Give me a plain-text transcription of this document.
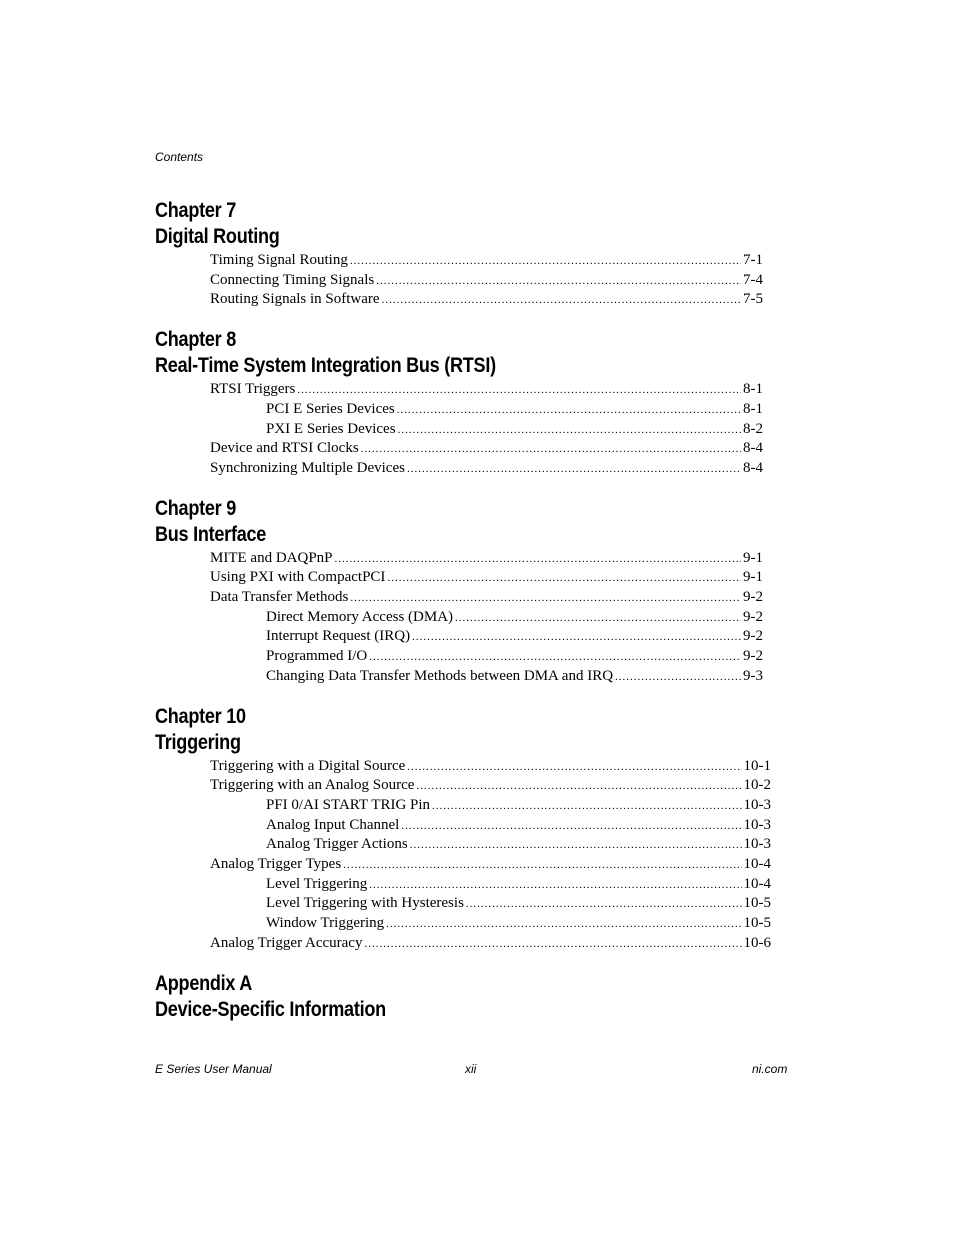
Contents
Chapter 7
Digital Routing
Timing Signal Routing .....	7-1
Connecting Timing Signals .....	7-4
Routing Signals in Software .....	7-5
Chapter 8
Real-Time System Integration Bus (RTSI)
RTSI Triggers .....	8-1
PCI E Series Devices .....	8-1
PXI E Series Devices .....	8-2
Device and RTSI Clocks .....	8-4
Synchronizing Multiple Devices .....	8-4
Chapter 9
Bus Interface
MITE and DAQPnP .....	9-1
Using PXI with CompactPCI .....	9-1
Data Transfer Methods .....	9-2
Direct Memory Access (DMA) .....	9-2
Interrupt Request (IRQ) .....	9-2
Programmed I/O .....	9-2
Changing Data Transfer Methods between DMA and IRQ .....	9-3
Chapter 10
Triggering
Triggering with a Digital Source .....	10-1
Triggering with an Analog Source .....	10-2
PFI 0/AI START TRIG Pin .....	10-3
Analog Input Channel .....	10-3
Analog Trigger Actions .....	10-3
Analog Trigger Types .....	10-4
Level Triggering .....	10-4
Level Triggering with Hysteresis .....	10-5
Window Triggering .....	10-5
Analog Trigger Accuracy .....	10-6
Appendix A
Device-Specific Information
E Series User Manual	xii	ni.com
